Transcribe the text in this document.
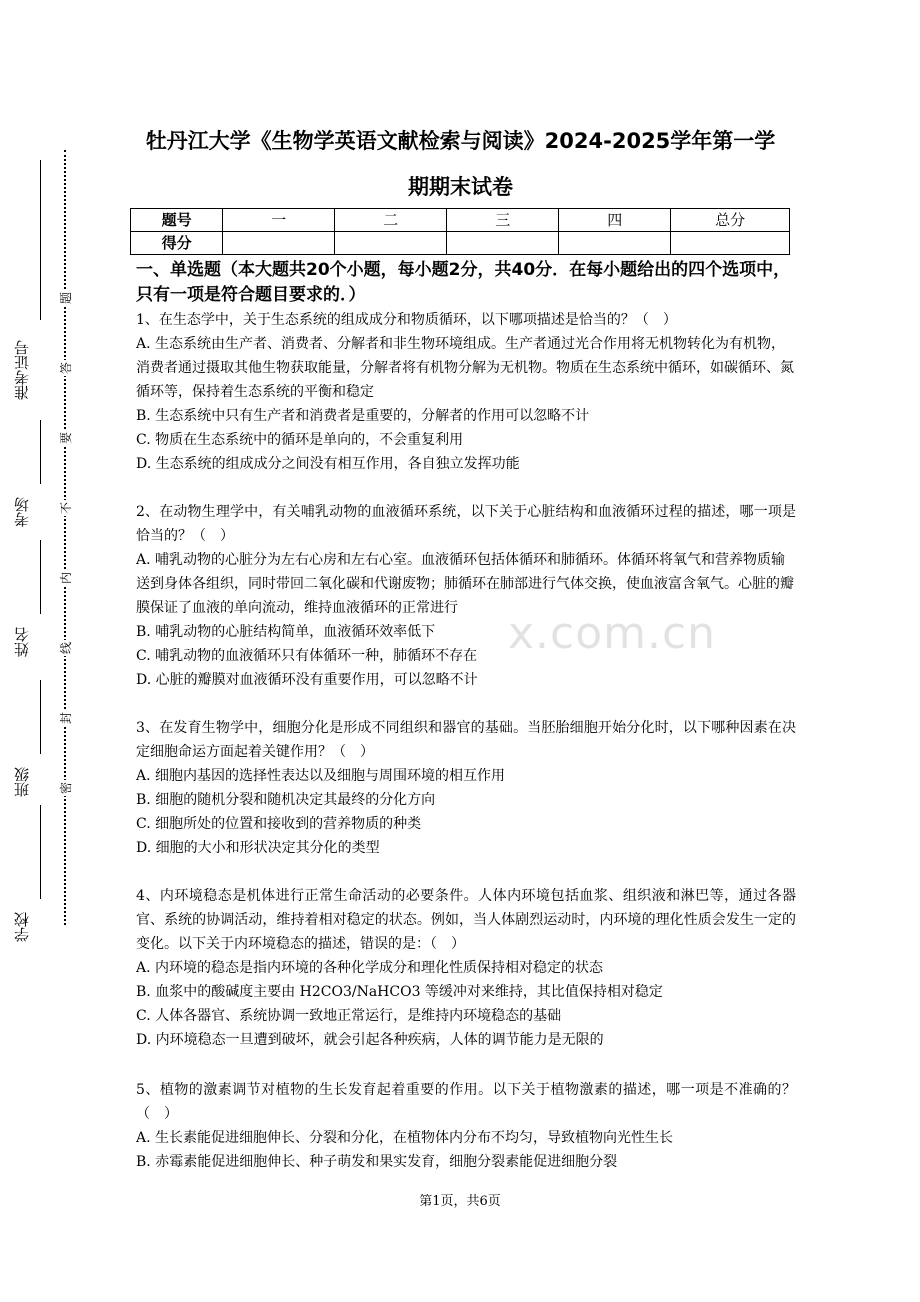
准考证号
考场
姓名
班级
学校
题
答
要
不
内
线
封
密
牡丹江大学《生物学英语文献检索与阅读》2024-2025学年第一学
期期末试卷
题号	一	二	三	四	总分
得分					
一、单选题（本大题共20个小题，每小题2分，共40分．在每小题给出的四个选项中，只有一项是符合题目要求的．）

1、在生态学中，关于生态系统的组成成分和物质循环，以下哪项描述是恰当的？（　）

A. 生态系统由生产者、消费者、分解者和非生物环境组成。生产者通过光合作用将无机物转化为有机物，消费者通过摄取其他生物获取能量，分解者将有机物分解为无机物。物质在生态系统中循环，如碳循环、氮循环等，保持着生态系统的平衡和稳定

B. 生态系统中只有生产者和消费者是重要的，分解者的作用可以忽略不计

C. 物质在生态系统中的循环是单向的，不会重复利用

D. 生态系统的组成成分之间没有相互作用，各自独立发挥功能

2、在动物生理学中，有关哺乳动物的血液循环系统，以下关于心脏结构和血液循环过程的描述，哪一项是恰当的？（　）

A. 哺乳动物的心脏分为左右心房和左右心室。血液循环包括体循环和肺循环。体循环将氧气和营养物质输送到身体各组织，同时带回二氧化碳和代谢废物；肺循环在肺部进行气体交换，使血液富含氧气。心脏的瓣膜保证了血液的单向流动，维持血液循环的正常进行

B. 哺乳动物的心脏结构简单，血液循环效率低下

C. 哺乳动物的血液循环只有体循环一种，肺循环不存在

D. 心脏的瓣膜对血液循环没有重要作用，可以忽略不计

3、在发育生物学中，细胞分化是形成不同组织和器官的基础。当胚胎细胞开始分化时，以下哪种因素在决定细胞命运方面起着关键作用？（　）

A. 细胞内基因的选择性表达以及细胞与周围环境的相互作用

B. 细胞的随机分裂和随机决定其最终的分化方向

C. 细胞所处的位置和接收到的营养物质的种类

D. 细胞的大小和形状决定其分化的类型

4、内环境稳态是机体进行正常生命活动的必要条件。人体内环境包括血浆、组织液和淋巴等，通过各器官、系统的协调活动，维持着相对稳定的状态。例如，当人体剧烈运动时，内环境的理化性质会发生一定的变化。以下关于内环境稳态的描述，错误的是：（　）

A. 内环境的稳态是指内环境的各种化学成分和理化性质保持相对稳定的状态

B. 血浆中的酸碱度主要由 H2CO3/NaHCO3 等缓冲对来维持，其比值保持相对稳定

C. 人体各器官、系统协调一致地正常运行，是维持内环境稳态的基础

D. 内环境稳态一旦遭到破坏，就会引起各种疾病，人体的调节能力是无限的

5、植物的激素调节对植物的生长发育起着重要的作用。以下关于植物激素的描述，哪一项是不准确的？（　）

A. 生长素能促进细胞伸长、分裂和分化，在植物体内分布不均匀，导致植物向光性生长

B. 赤霉素能促进细胞伸长、种子萌发和果实发育，细胞分裂素能促进细胞分裂

x.com.cn
第1页，共6页
